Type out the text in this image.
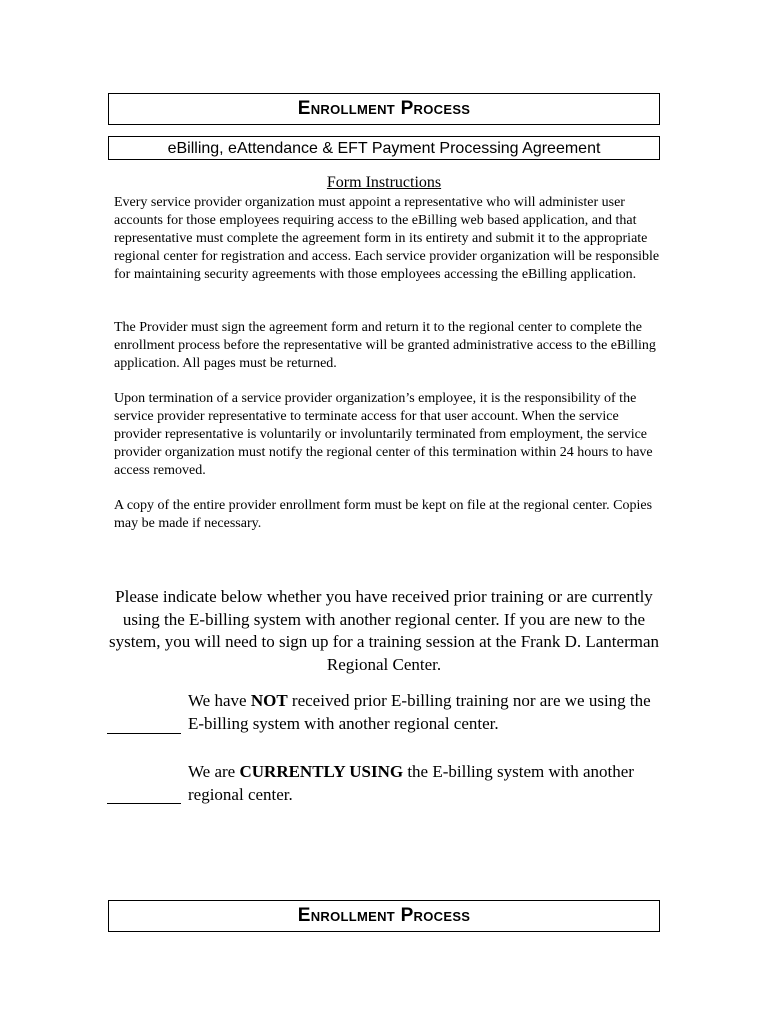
Enrollment Process
eBilling, eAttendance & EFT Payment Processing Agreement
Form Instructions
Every service provider organization must appoint a representative who will administer user accounts for those employees requiring access to the eBilling web based application, and that representative must complete the agreement form in its entirety and submit it to the appropriate regional center for registration and access. Each service provider organization will be responsible for maintaining security agreements with those employees accessing the eBilling application.
The Provider must sign the agreement form and return it to the regional center to complete the enrollment process before the representative will be granted administrative access to the eBilling application. All pages must be returned.
Upon termination of a service provider organization’s employee, it is the responsibility of the service provider representative to terminate access for that user account. When the service provider representative is voluntarily or involuntarily terminated from employment, the service provider organization must notify the regional center of this termination within 24 hours to have access removed.
A copy of the entire provider enrollment form must be kept on file at the regional center. Copies may be made if necessary.
Please indicate below whether you have received prior training or are currently using the E-billing system with another regional center. If you are new to the system, you will need to sign up for a training session at the Frank D. Lanterman Regional Center.
We have NOT received prior E-billing training nor are we using the E-billing system with another regional center.
We are CURRENTLY USING the E-billing system with another regional center.
Enrollment Process
